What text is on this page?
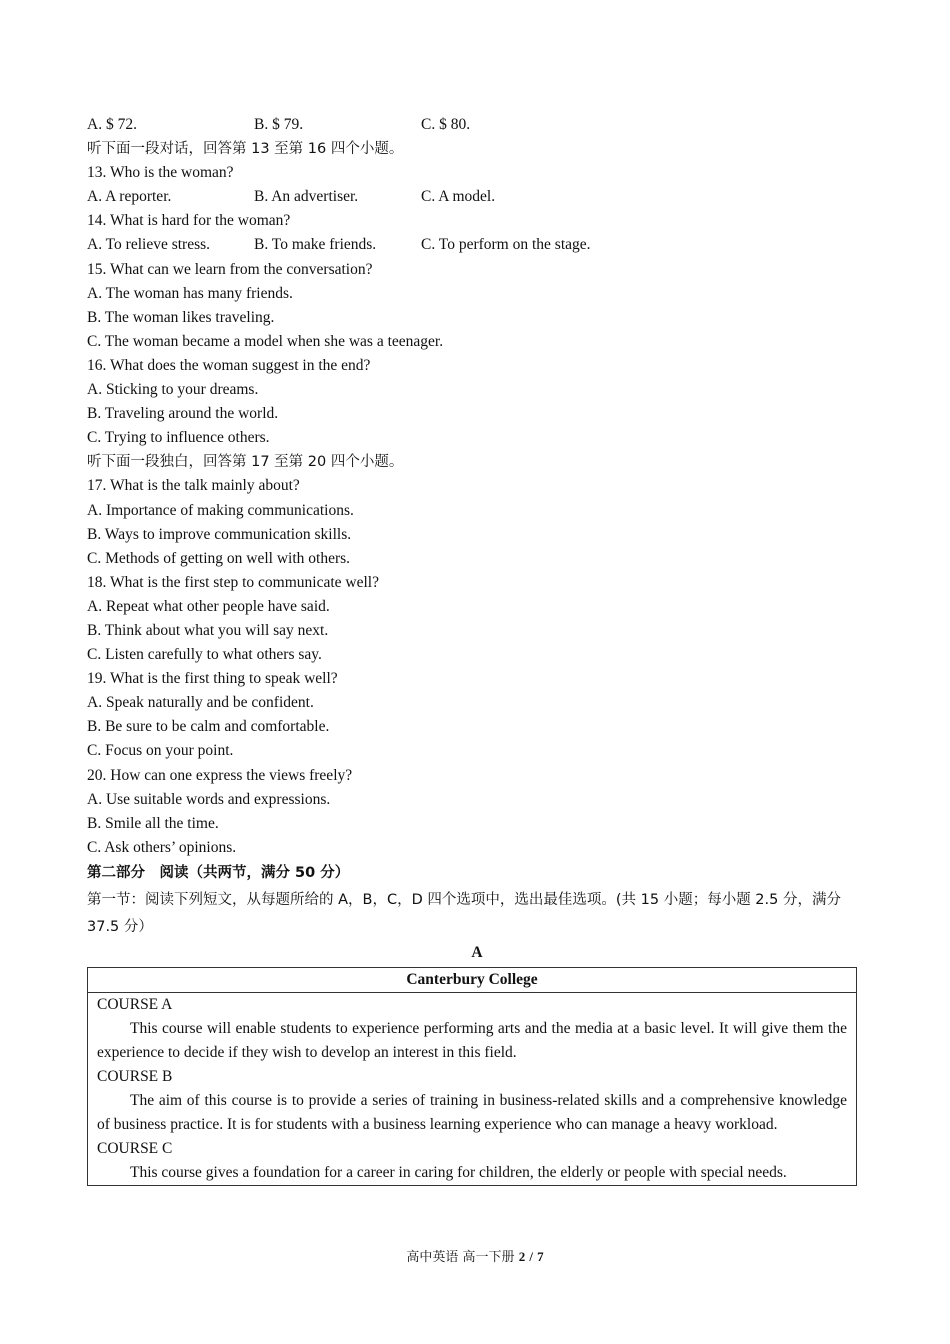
A. $ 72.	B. $ 79.	C. $ 80.
听下面一段对话，回答第 13 至第 16 四个小题。
13. Who is the woman?
A. A reporter.	B. An advertiser.	C. A model.
14. What is hard for the woman?
A. To relieve stress.	B. To make friends.	C. To perform on the stage.
15. What can we learn from the conversation?
A. The woman has many friends.
B. The woman likes traveling.
C. The woman became a model when she was a teenager.
16. What does the woman suggest in the end?
A. Sticking to your dreams.
B. Traveling around the world.
C. Trying to influence others.
听下面一段独白，回答第 17 至第 20 四个小题。
17. What is the talk mainly about?
A. Importance of making communications.
B. Ways to improve communication skills.
C. Methods of getting on well with others.
18. What is the first step to communicate well?
A. Repeat what other people have said.
B. Think about what you will say next.
C. Listen carefully to what others say.
19. What is the first thing to speak well?
A. Speak naturally and be confident.
B. Be sure to be calm and comfortable.
C. Focus on your point.
20. How can one express the views freely?
A. Use suitable words and expressions.
B. Smile all the time.
C. Ask others’ opinions.
第二部分　阅读（共两节，满分 50 分）
第一节：阅读下列短文，从每题所给的 A，B，C，D 四个选项中，选出最佳选项。(共 15 小题；每小题 2.5 分，满分 37.5 分）
A
Canterbury College

COURSE A

This course will enable students to experience performing arts and the media at a basic level. It will give them the experience to decide if they wish to develop an interest in this field.

COURSE B

The aim of this course is to provide a series of training in business-related skills and a comprehensive knowledge of business practice. It is for students with a business learning experience who can manage a heavy workload.

COURSE C

This course gives a foundation for a career in caring for children, the elderly or people with special needs.

高中英语 高一下册 2 / 7
